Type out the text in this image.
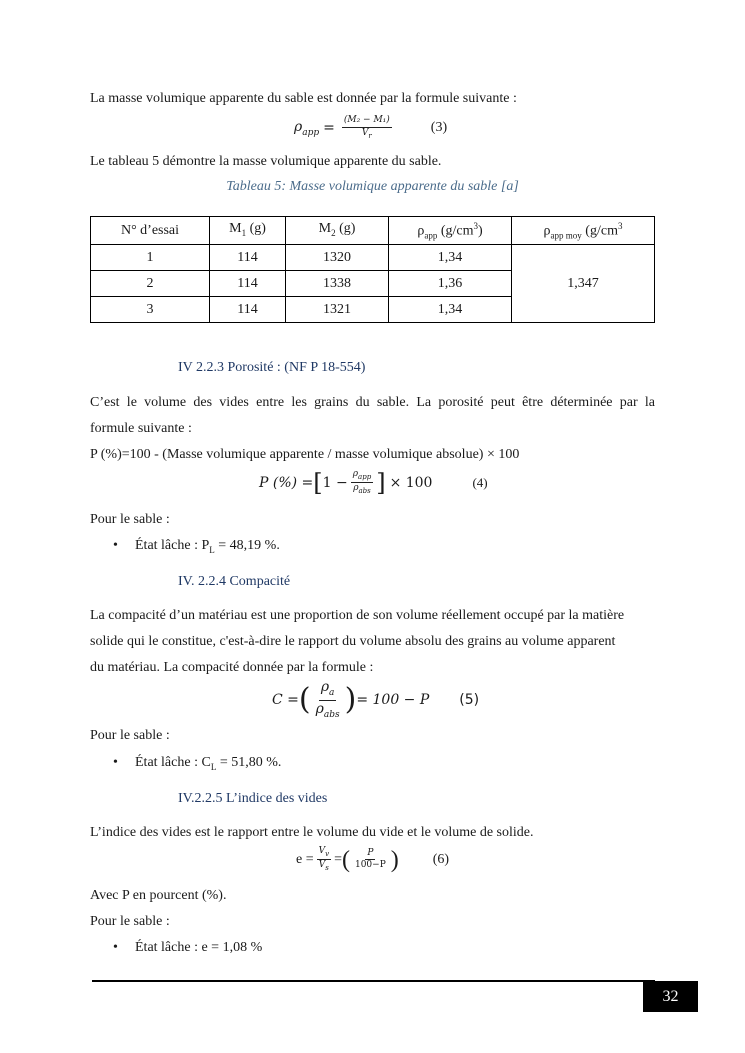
La masse volumique apparente du sable est donnée par la formule suivante :
$\rho_{app} = \frac{\text{(M₂ − M₁)}}{V_r}$	(3)
Le tableau 5 démontre la masse volumique apparente du sable.
Tableau 5: Masse volumique apparente du sable [a]
N° d’essai	$M_1$ (g)	$M_2$ (g)	$\rho_{app}$ $(g/cm^3)$	$\rho_{app moy}$ ($g/cm^3$
1	114	1320	1,34	1,347
2	114	1338	1,36	
3	114	1321	1,34	
IV 2.2.3 Porosité : (NF P 18-554)
C’est le volume des vides entre les grains du sable. La porosité peut être déterminée par la
formule suivante :
P (%)=100 - (Masse volumique apparente / masse volumique absolue) × 100
P (%) = [ $1 - \frac{\rho_{app}}{\rho_{abs}}$ ] × 100	(4)
Pour le sable :
• État lâche : $P_L = 48,19$ %.
IV. 2.2.4 Compacité
La compacité d’un matériau est une proportion de son volume réellement occupé par la matière
solide qui le constitue, c'est-à-dire le rapport du volume absolu des grains au volume apparent
du matériau. La compacité donnée par la formule :
C = ( $\frac{\rho_a}{\rho_{abs}}$ ) = 100 − P (5)
Pour le sable :
• État lâche : $C_L = 51,80$ %.
IV.2.2.5 L’indice des vides
L’indice des vides est le rapport entre le volume du vide et le volume de solide.
$e = \frac{V_v}{V_s}$ = ( $\frac{P}{100-P}$ ) (6)
Avec P en pourcent (%).
Pour le sable :
• État lâche : e = 1,08 %
32
